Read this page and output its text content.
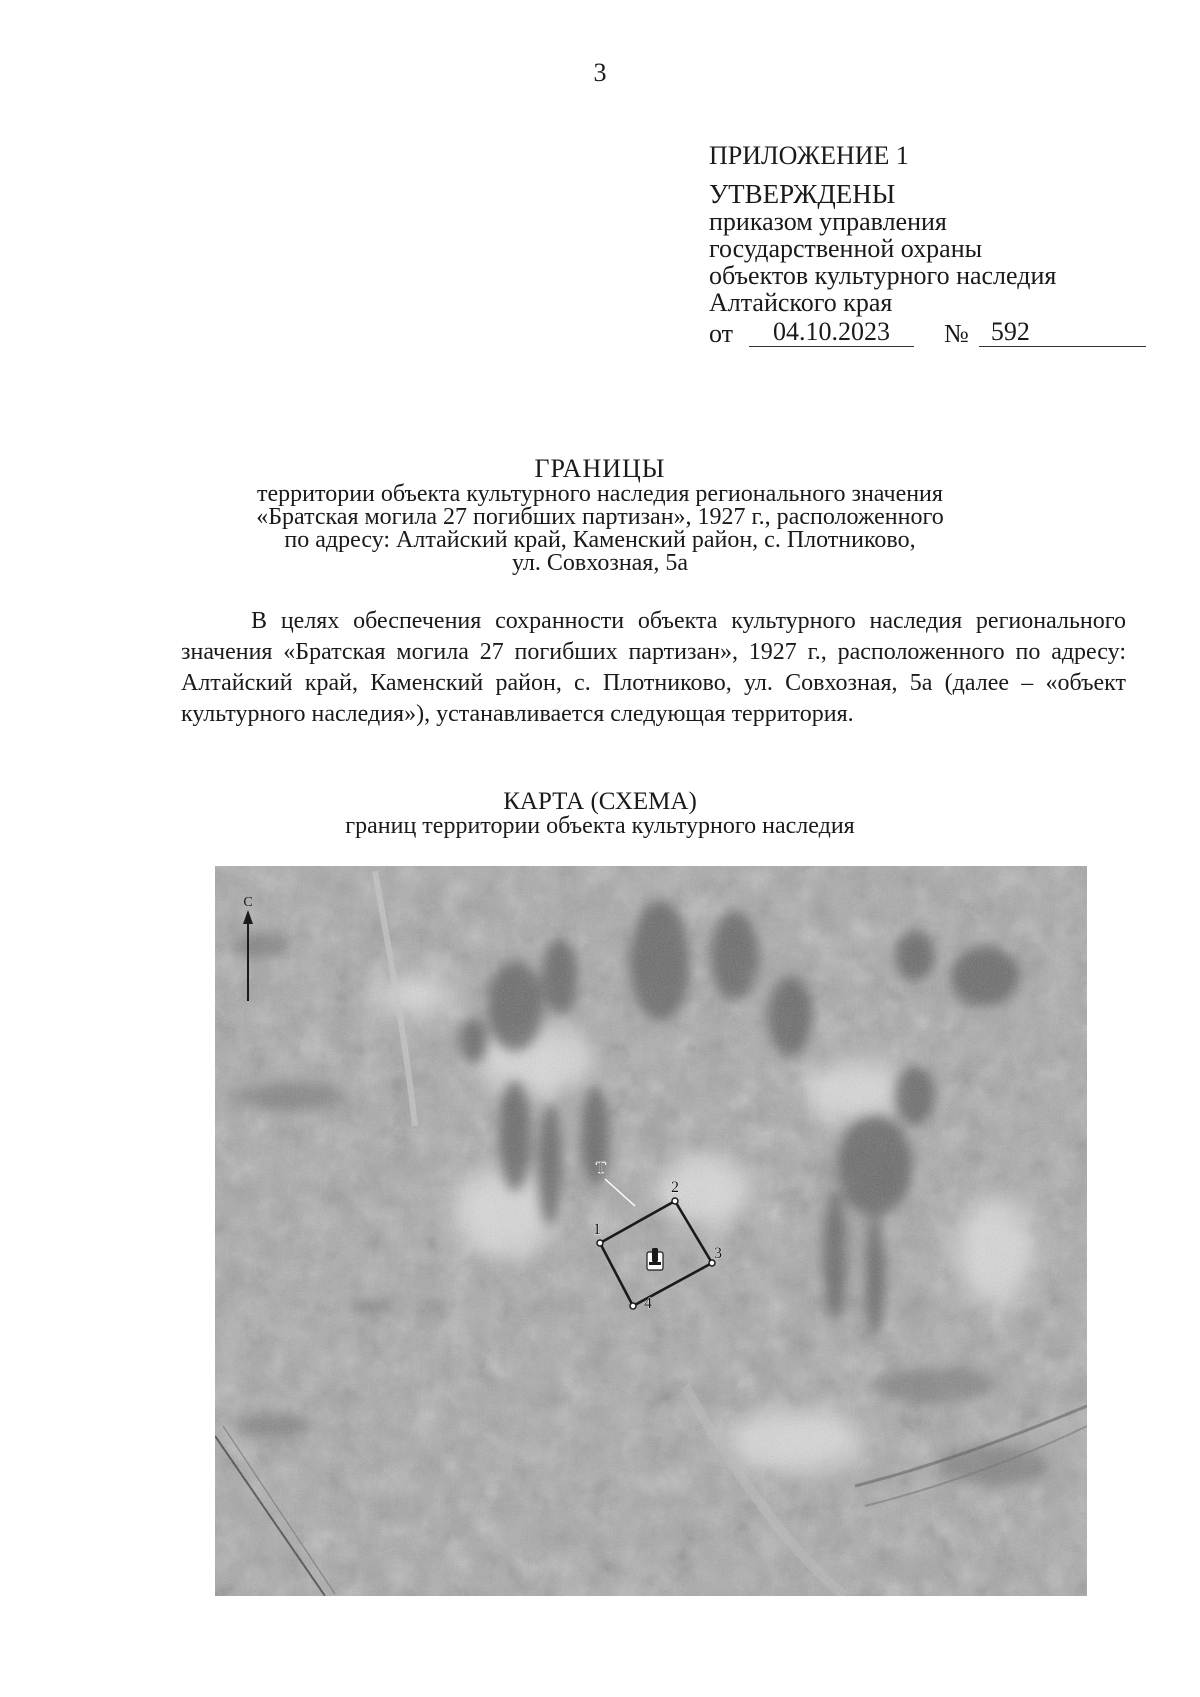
3
ПРИЛОЖЕНИЕ 1
УТВЕРЖДЕНЫ
приказом управления
государственной охраны
объектов культурного наследия
Алтайского края
от	04.10.2023	№ 592
ГРАНИЦЫ
территории объекта культурного наследия регионального значения
«Братская могила 27 погибших партизан», 1927 г., расположенного
по адресу: Алтайский край, Каменский район, с. Плотниково,
ул. Совхозная, 5а
В целях обеспечения сохранности объекта культурного наследия регионального значения «Братская могила 27 погибших партизан», 1927 г., расположенного по адресу: Алтайский край, Каменский район, с. Плотниково, ул. Совхозная, 5а (далее – «объект культурного наследия»), устанавливается следующая территория.
КАРТА (СХЕМА)
границ территории объекта культурного наследия
С
Т
1
2
3
4
